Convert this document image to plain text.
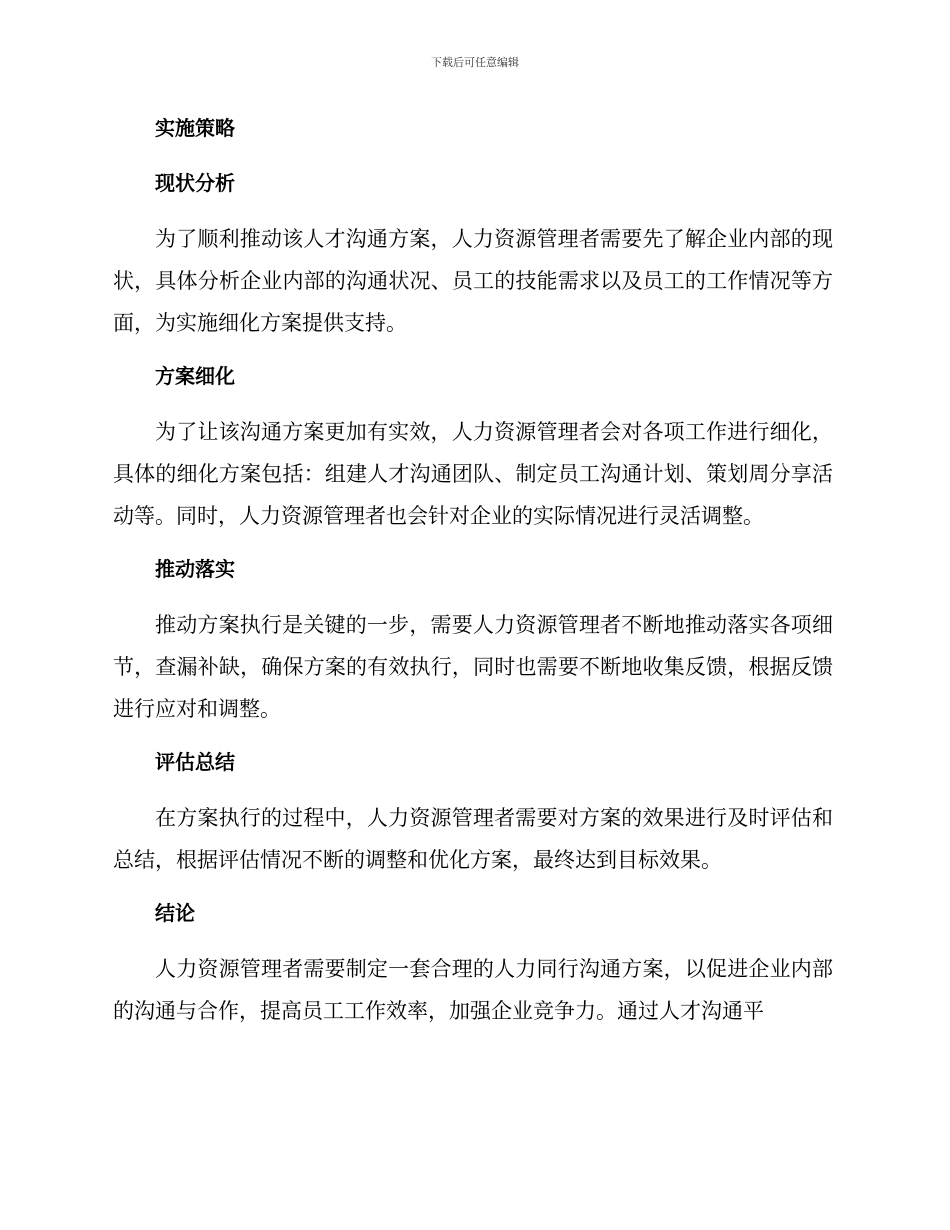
下载后可任意编辑
实施策略
现状分析

为了顺利推动该人才沟通方案，人力资源管理者需要先了解企业内部的现状，具体分析企业内部的沟通状况、员工的技能需求以及员工的工作情况等方面，为实施细化方案提供支持。

方案细化

为了让该沟通方案更加有实效，人力资源管理者会对各项工作进行细化，具体的细化方案包括：组建人才沟通团队、制定员工沟通计划、策划周分享活动等。同时，人力资源管理者也会针对企业的实际情况进行灵活调整。

推动落实

推动方案执行是关键的一步，需要人力资源管理者不断地推动落实各项细节，查漏补缺，确保方案的有效执行，同时也需要不断地收集反馈，根据反馈进行应对和调整。

评估总结

在方案执行的过程中，人力资源管理者需要对方案的效果进行及时评估和总结，根据评估情况不断的调整和优化方案，最终达到目标效果。

结论

人力资源管理者需要制定一套合理的人力同行沟通方案，以促进企业内部的沟通与合作，提高员工工作效率，加强企业竞争力。通过人才沟通平
